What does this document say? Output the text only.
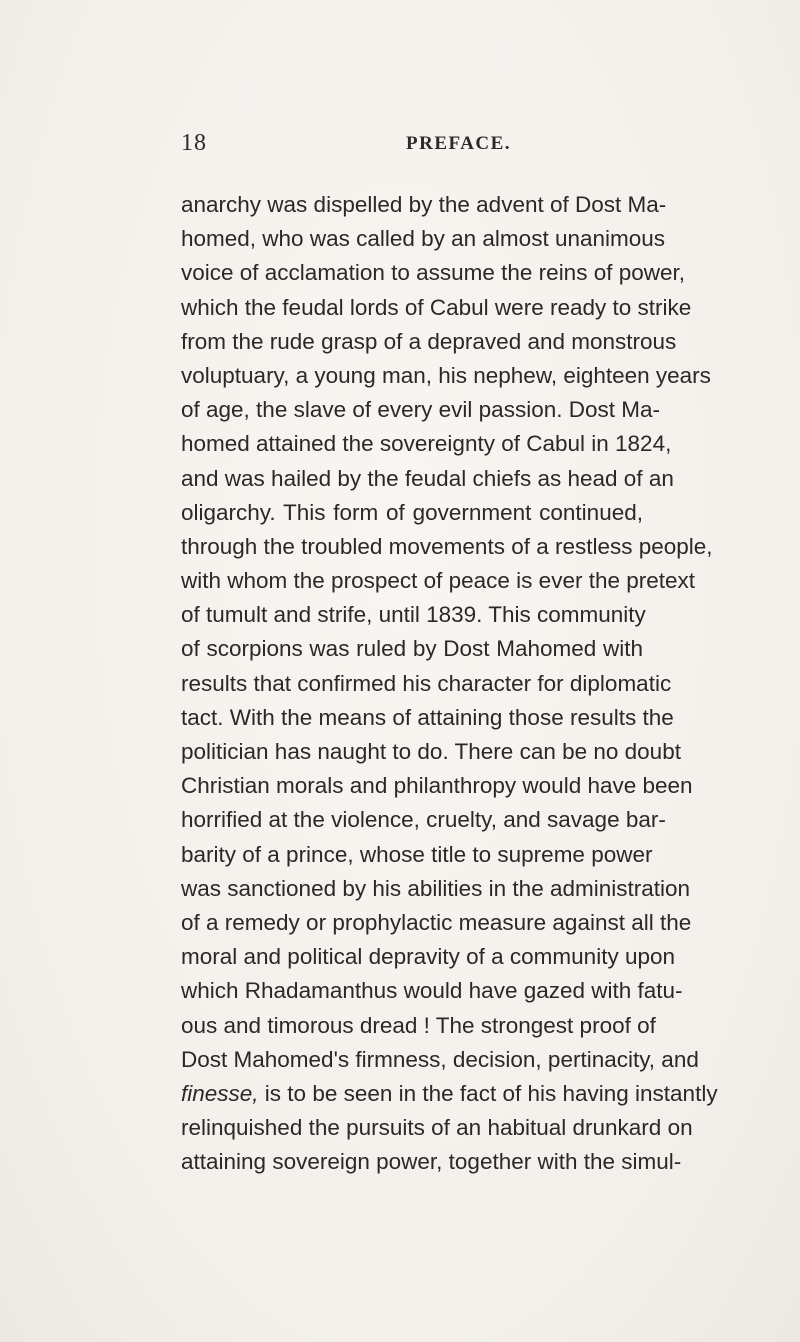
18	PREFACE.
anarchy was dispelled by the advent of Dost Ma-
homed, who was called by an almost unanimous
voice of acclamation to assume the reins of power,
which the feudal lords of Cabul were ready to strike
from the rude grasp of a depraved and monstrous
voluptuary, a young man, his nephew, eighteen years
of age, the slave of every evil passion. Dost Ma-
homed attained the sovereignty of Cabul in 1824,
and was hailed by the feudal chiefs as head of an
oligarchy. This form of government continued,
through the troubled movements of a restless people,
with whom the prospect of peace is ever the pretext
of tumult and strife, until 1839. This community
of scorpions was ruled by Dost Mahomed with
results that confirmed his character for diplomatic
tact. With the means of attaining those results the
politician has naught to do. There can be no doubt
Christian morals and philanthropy would have been
horrified at the violence, cruelty, and savage bar-
barity of a prince, whose title to supreme power
was sanctioned by his abilities in the administration
of a remedy or prophylactic measure against all the
moral and political depravity of a community upon
which Rhadamanthus would have gazed with fatu-
ous and timorous dread ! The strongest proof of
Dost Mahomed's firmness, decision, pertinacity, and
finesse, is to be seen in the fact of his having instantly
relinquished the pursuits of an habitual drunkard on
attaining sovereign power, together with the simul-
